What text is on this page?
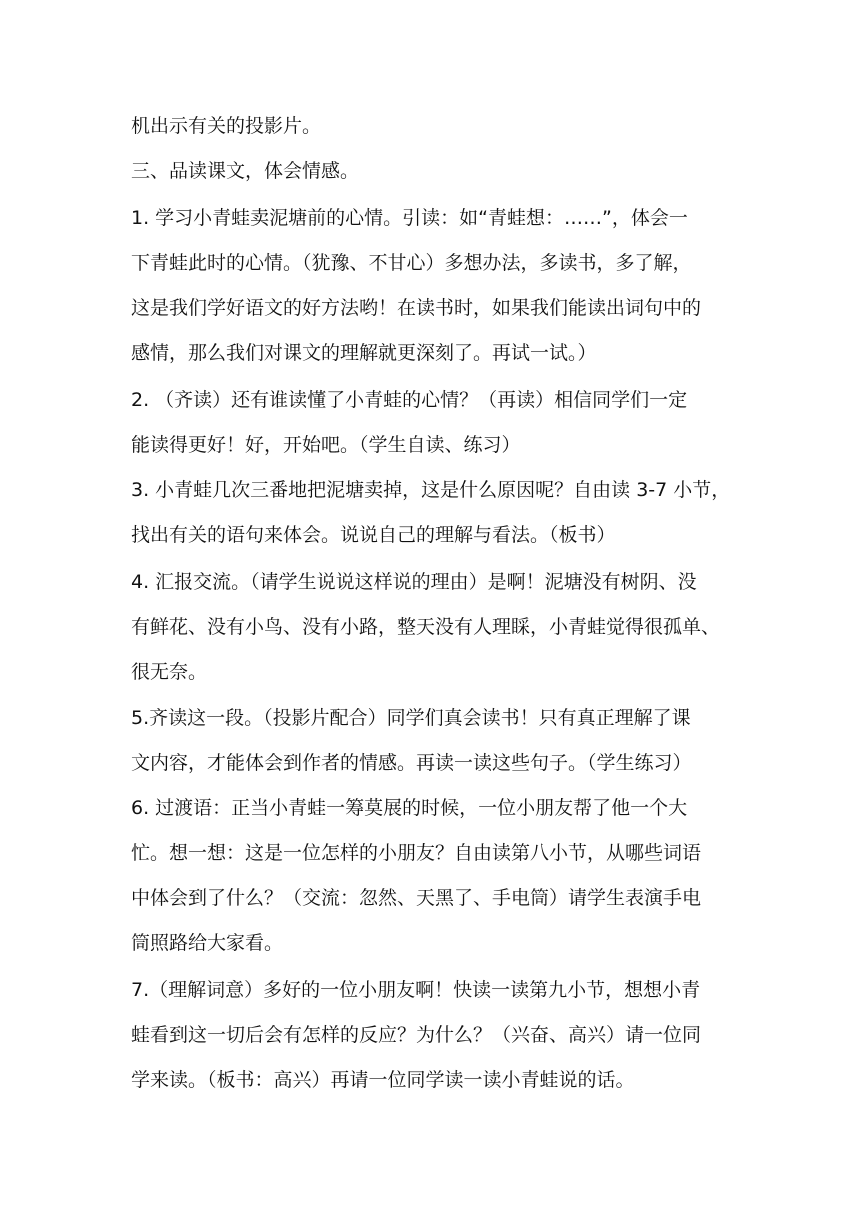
机出示有关的投影片。
三、品读课文，体会情感。
1. 学习小青蛙卖泥塘前的心情。引读：如“青蛙想：……”，体会一
下青蛙此时的心情。（犹豫、不甘心）多想办法，多读书，多了解，
这是我们学好语文的好方法哟！在读书时，如果我们能读出词句中的
感情，那么我们对课文的理解就更深刻了。再试一试。）
2. （齐读）还有谁读懂了小青蛙的心情？（再读）相信同学们一定
能读得更好！好，开始吧。（学生自读、练习）
3. 小青蛙几次三番地把泥塘卖掉，这是什么原因呢？自由读 3-7 小节，
找出有关的语句来体会。说说自己的理解与看法。（板书）
4. 汇报交流。（请学生说说这样说的理由）是啊！泥塘没有树阴、没
有鲜花、没有小鸟、没有小路，整天没有人理睬，小青蛙觉得很孤单、
很无奈。
5.齐读这一段。（投影片配合）同学们真会读书！只有真正理解了课
文内容，才能体会到作者的情感。再读一读这些句子。（学生练习）
6. 过渡语：正当小青蛙一筹莫展的时候，一位小朋友帮了他一个大
忙。想一想：这是一位怎样的小朋友？自由读第八小节，从哪些词语
中体会到了什么？（交流：忽然、天黑了、手电筒）请学生表演手电
筒照路给大家看。
7.（理解词意）多好的一位小朋友啊！快读一读第九小节，想想小青
蛙看到这一切后会有怎样的反应？为什么？（兴奋、高兴）请一位同
学来读。（板书：高兴）再请一位同学读一读小青蛙说的话。
